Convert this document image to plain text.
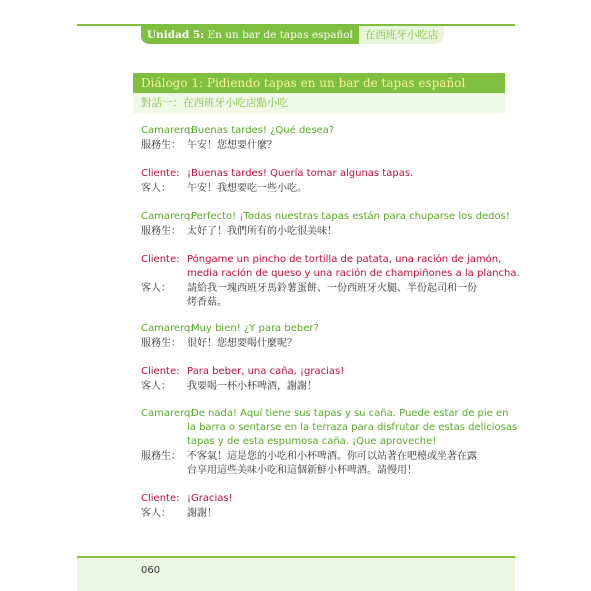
Unidad 5: En un bar de tapas español	在西班牙小吃店
Diálogo 1: Pidiendo tapas en un bar de tapas español
對話一：在西班牙小吃店點小吃
Camarero:¡Buenas tardes! ¿Qué desea?
服務生： 午安！您想要什麼？
Cliente: ¡Buenas tardes! Quería tomar algunas tapas.
客人： 午安！我想要吃一些小吃。
Camarero:¡Perfecto! ¡Todas nuestras tapas están para chuparse los dedos!
服務生： 太好了！我們所有的小吃很美味！
Cliente: Póngame un pincho de tortilla de patata, una ración de jamón,
media ración de queso y una ración de champiñones a la plancha.
客人： 請給我一塊西班牙馬鈴薯蛋餅、一份西班牙火腿、半份起司和一份
烤香菇。
Camarero:¡Muy bien! ¿Y para beber?
服務生： 很好！您想要喝什麼呢？
Cliente: Para beber, una caña, ¡gracias!
客人： 我要喝一杯小杯啤酒，謝謝！
Camarero:¡De nada! Aquí tiene sus tapas y su caña. Puede estar de pie en
la barra o sentarse en la terraza para disfrutar de estas deliciosas
tapas y de esta espumosa caña. ¡Que aproveche!
服務生： 不客氣！這是您的小吃和小杯啤酒。你可以站著在吧檯或坐著在露
台享用這些美味小吃和這個新鮮小杯啤酒。請慢用！
Cliente: ¡Gracias!
客人： 謝謝！
060
